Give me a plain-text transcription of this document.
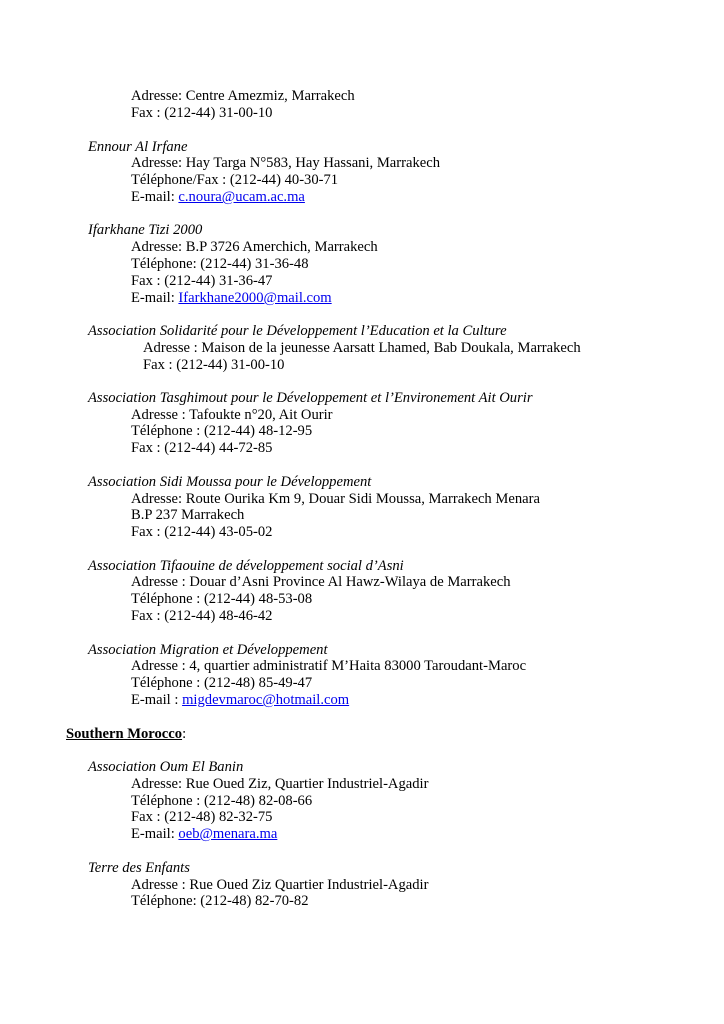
Adresse: Centre Amezmiz, Marrakech
Fax : (212-44) 31-00-10
Ennour Al Irfane
Adresse: Hay Targa N°583, Hay Hassani, Marrakech
Téléphone/Fax : (212-44) 40-30-71
E-mail: c.noura@ucam.ac.ma
Ifarkhane Tizi 2000
Adresse: B.P 3726 Amerchich, Marrakech
Téléphone: (212-44) 31-36-48
Fax : (212-44) 31-36-47
E-mail: Ifarkhane2000@mail.com
Association Solidarité pour le Développement l’Education et la Culture
Adresse : Maison de la jeunesse Aarsatt Lhamed, Bab Doukala, Marrakech
Fax : (212-44) 31-00-10
Association Tasghimout pour le Développement et l’Environement Ait Ourir
Adresse : Tafoukte n°20, Ait Ourir
Téléphone : (212-44) 48-12-95
Fax : (212-44) 44-72-85
Association Sidi Moussa pour le Développement
Adresse: Route Ourika Km 9, Douar Sidi Moussa, Marrakech Menara
B.P 237 Marrakech
Fax : (212-44) 43-05-02
Association Tifaouine de développement social d’Asni
Adresse : Douar d’Asni Province Al Hawz-Wilaya de Marrakech
Téléphone : (212-44) 48-53-08
Fax : (212-44) 48-46-42
Association Migration et Développement
Adresse : 4, quartier administratif M’Haita 83000 Taroudant-Maroc
Téléphone : (212-48) 85-49-47
E-mail : migdevmaroc@hotmail.com
Southern Morocco:
Association Oum El Banin
Adresse: Rue Oued Ziz, Quartier Industriel-Agadir
Téléphone : (212-48) 82-08-66
Fax : (212-48) 82-32-75
E-mail: oeb@menara.ma
Terre des Enfants
Adresse : Rue Oued Ziz Quartier Industriel-Agadir
Téléphone: (212-48) 82-70-82
